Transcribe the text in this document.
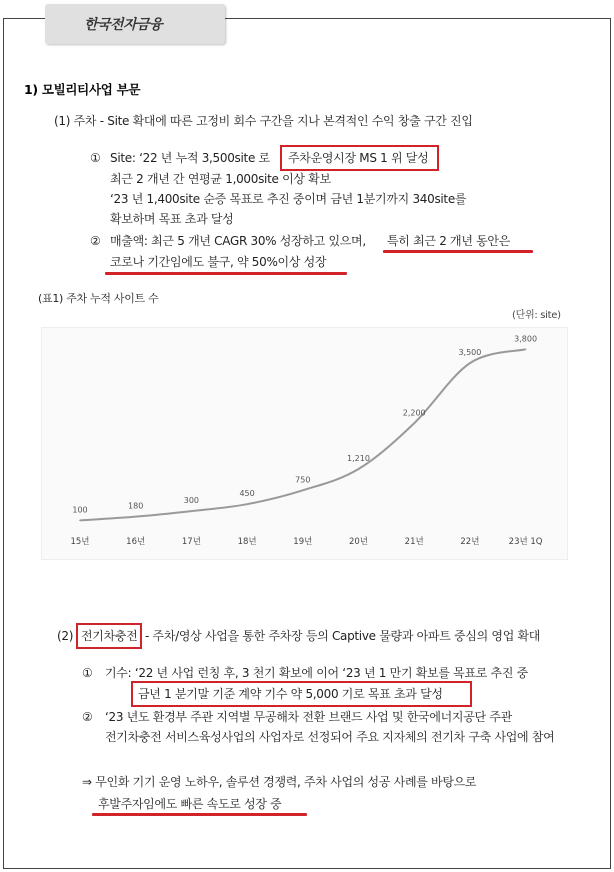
한국전자금융
1) 모빌리티사업 부문
(1) 주차 - Site 확대에 따른 고정비 회수 구간을 지나 본격적인 수익 창출 구간 진입
① Site: ‘22 년 누적 3,500site 로 주차운영시장 MS 1 위 달성
최근 2 개년 간 연평균 1,000site 이상 확보
‘23 년 1,400site 순증 목표로 추진 중이며 금년 1분기까지 340site를
확보하며 목표 초과 달성
② 매출액: 최근 5 개년 CAGR 30% 성장하고 있으며, 특히 최근 2 개년 동안은
코로나 기간임에도 불구, 약 50%이상 성장
(표1) 주차 누적 사이트 수
(단위: site)
100
15년
180
16년
300
17년
450
18년
750
19년
1,210
20년
2,200
21년
3,500
22년
3,800
23년 1Q
(2) 전기차충전 - 주차/영상 사업을 통한 주차장 등의 Captive 물량과 아파트 중심의 영업 확대
① 기수: ‘22 년 사업 런칭 후, 3 천기 확보에 이어 ‘23 년 1 만기 확보를 목표로 추진 중
금년 1 분기말 기준 계약 기수 약 5,000 기로 목표 초과 달성
② ‘23 년도 환경부 주관 지역별 무공해차 전환 브랜드 사업 및 한국에너지공단 주관
전기차충전 서비스육성사업의 사업자로 선정되어 주요 지자체의 전기차 구축 사업에 참여
⇒ 무인화 기기 운영 노하우, 솔루션 경쟁력, 주차 사업의 성공 사례를 바탕으로
후발주자임에도 빠른 속도로 성장 중
